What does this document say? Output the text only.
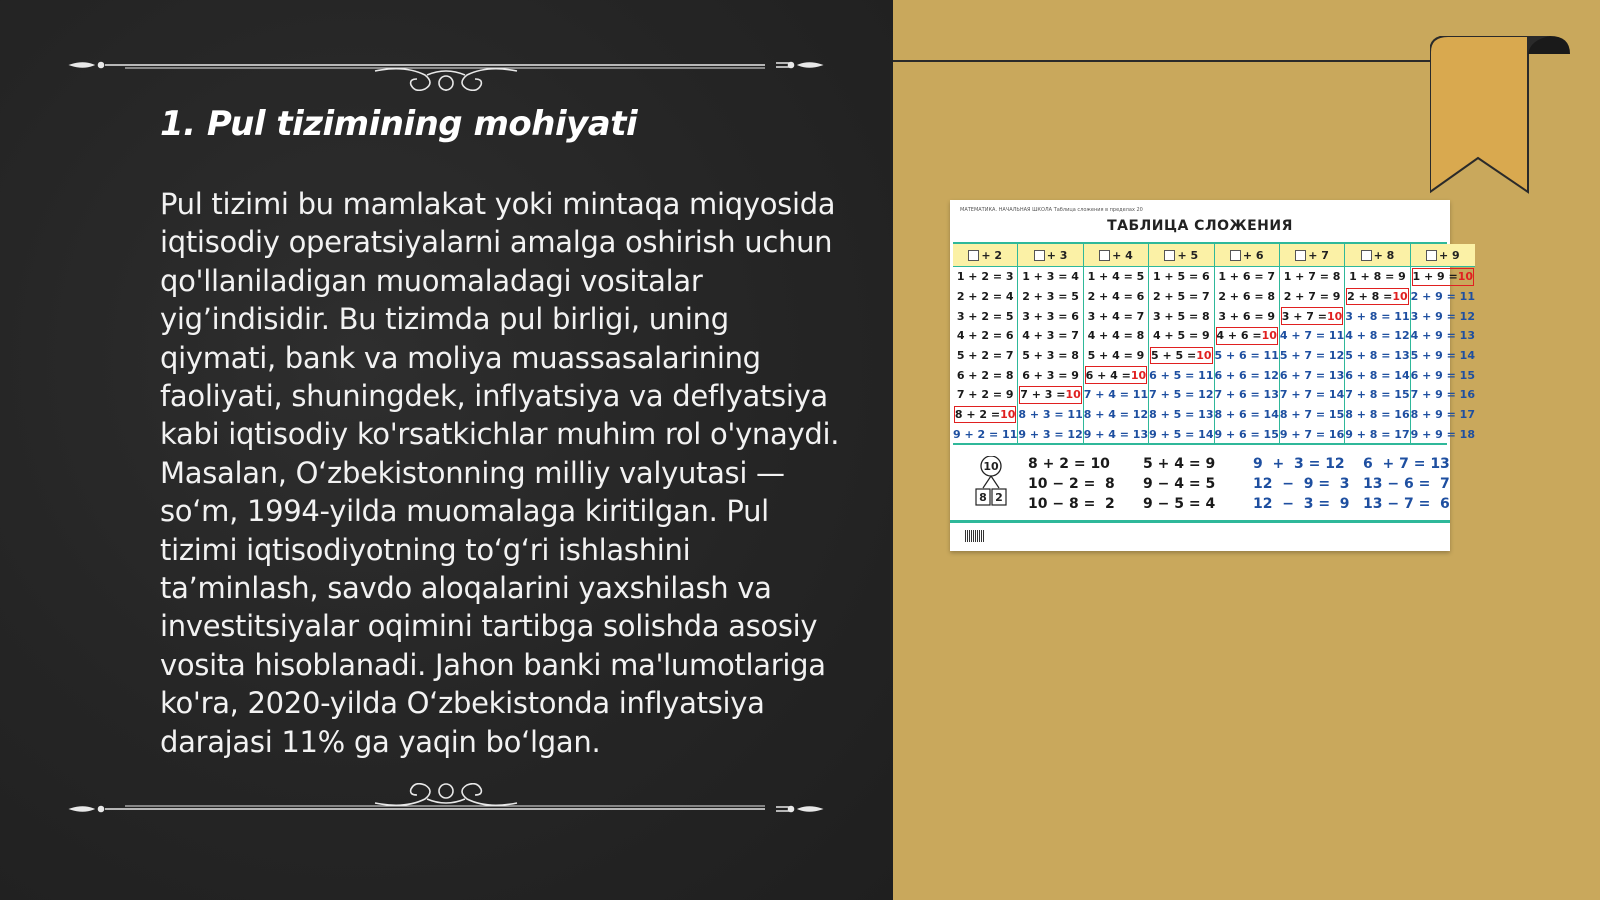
1. Pul tizimining mohiyati

Pul tizimi bu mamlakat yoki mintaqa miqyosida iqtisodiy operatsiyalarni amalga oshirish uchun qo'llaniladigan muomaladagi vositalar yig’indisidir. Bu tizimda pul birligi, uning qiymati, bank va moliya muassasalarining faoliyati, shuningdek, inflyatsiya va deflyatsiya kabi iqtisodiy ko'rsatkichlar muhim rol o'ynaydi. Masalan, O‘zbekistonning milliy valyutasi — so‘m, 1994-yilda muomalaga kiritilgan. Pul tizimi iqtisodiyotning to‘g‘ri ishlashini ta’minlash, savdo aloqalarini yaxshilash va investitsiyalar oqimini tartibga solishda asosiy vosita hisoblanadi. Jahon banki ma'lumotlariga ko'ra, 2020-yilda O‘zbekistonda inflyatsiya darajasi 11% ga yaqin bo‘lgan.

МАТЕМАТИКА. НАЧАЛЬНАЯ ШКОЛА Таблица сложения в пределах 20
ТАБЛИЦА СЛОЖЕНИЯ
+ 2
1 + 2 = 3
2 + 2 = 4
3 + 2 = 5
4 + 2 = 6
5 + 2 = 7
6 + 2 = 8
7 + 2 = 9
8 + 2 = 10
9 + 2 = 11
+ 3
1 + 3 = 4
2 + 3 = 5
3 + 3 = 6
4 + 3 = 7
5 + 3 = 8
6 + 3 = 9
7 + 3 = 10
8 + 3 = 11
9 + 3 = 12
+ 4
1 + 4 = 5
2 + 4 = 6
3 + 4 = 7
4 + 4 = 8
5 + 4 = 9
6 + 4 = 10
7 + 4 = 11
8 + 4 = 12
9 + 4 = 13
+ 5
1 + 5 = 6
2 + 5 = 7
3 + 5 = 8
4 + 5 = 9
5 + 5 = 10
6 + 5 = 11
7 + 5 = 12
8 + 5 = 13
9 + 5 = 14
+ 6
1 + 6 = 7
2 + 6 = 8
3 + 6 = 9
4 + 6 = 10
5 + 6 = 11
6 + 6 = 12
7 + 6 = 13
8 + 6 = 14
9 + 6 = 15
+ 7
1 + 7 = 8
2 + 7 = 9
3 + 7 = 10
4 + 7 = 11
5 + 7 = 12
6 + 7 = 13
7 + 7 = 14
8 + 7 = 15
9 + 7 = 16
+ 8
1 + 8 = 9
2 + 8 = 10
3 + 8 = 11
4 + 8 = 12
5 + 8 = 13
6 + 8 = 14
7 + 8 = 15
8 + 8 = 16
9 + 8 = 17
+ 9
1 + 9 = 10
2 + 9 = 11
3 + 9 = 12
4 + 9 = 13
5 + 9 = 14
6 + 9 = 15
7 + 9 = 16
8 + 9 = 17
9 + 9 = 18
10
8 2
8 + 2 = 10
10 − 2 =  8
10 − 8 =  2
5 + 4 = 9
9 − 4 = 5
9 − 5 = 4
9  +  3 = 12
12  −  9 =  3
12  −  3 =  9
6  + 7 = 13
13 − 6 =  7
13 − 7 =  6
